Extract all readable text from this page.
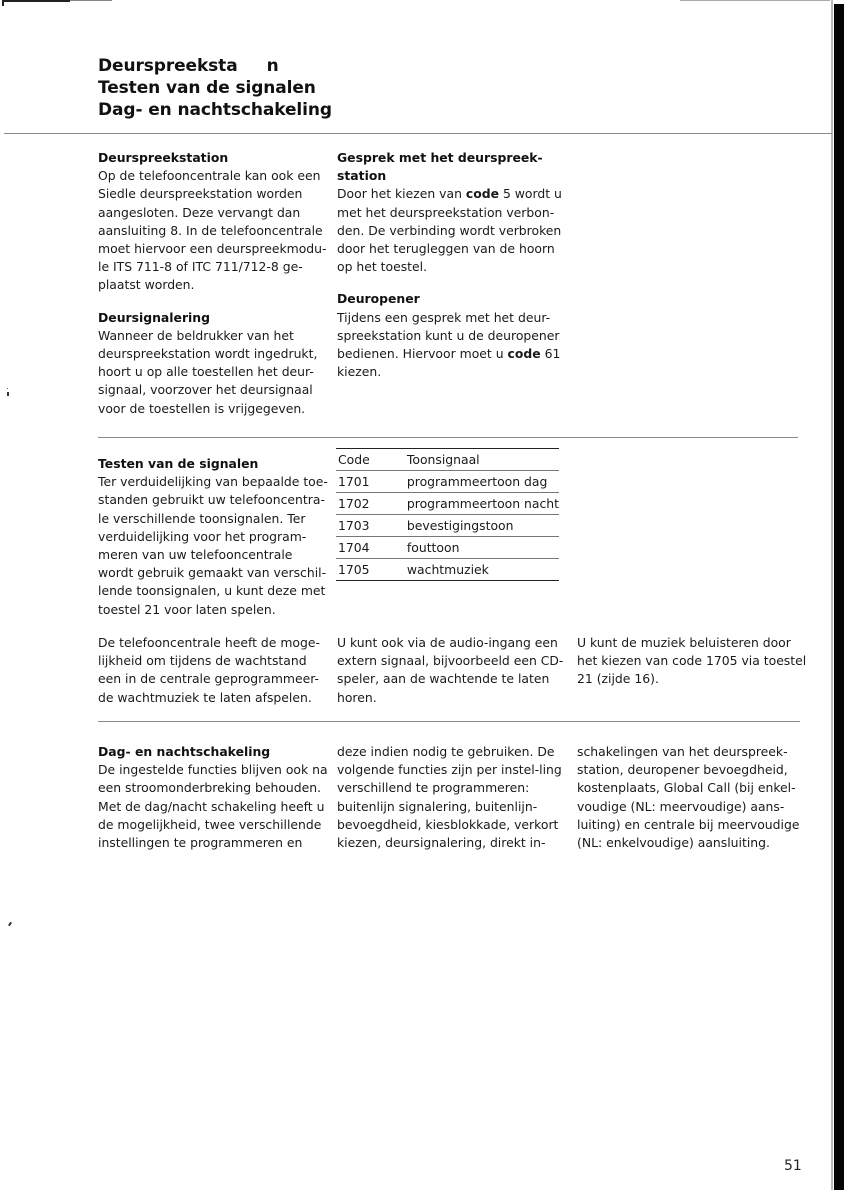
Deurspreeksta     n
Testen van de signalen
Dag- en nachtschakeling

Deurspreekstation

Op de telefooncentrale kan ook een Siedle deurspreekstation worden aangesloten. Deze vervangt dan aansluiting 8. In de telefooncentrale moet hiervoor een deurspreekmodu-le ITS 711-8 of ITC 711/712-8 ge-plaatst worden.

Deursignalering

Wanneer de beldrukker van het deurspreekstation wordt ingedrukt, hoort u op alle toestellen het deur-signaal, voorzover het deursignaal voor de toestellen is vrijgegeven.

Gesprek met het deurspreek-station

Door het kiezen van code 5 wordt u met het deurspreekstation verbon-den. De verbinding wordt verbroken door het terugleggen van de hoorn op het toestel.

Deuropener

Tijdens een gesprek met het deur-spreekstation kunt u de deuropener bedienen. Hiervoor moet u code 61 kiezen.

Testen van de signalen

Ter verduidelijking van bepaalde toe-standen gebruikt uw telefooncentra-le verschillende toonsignalen. Ter verduidelijking voor het program-meren van uw telefooncentrale wordt gebruik gemaakt van verschil-lende toonsignalen, u kunt deze met toestel 21 voor laten spelen.

Code	Toonsignaal
1701	programmeertoon dag
1702	programmeertoon nacht
1703	bevestigingstoon
1704	fouttoon
1705	wachtmuziek

De telefooncentrale heeft de moge-lijkheid om tijdens de wachtstand een in de centrale geprogrammeer-de wachtmuziek te laten afspelen.

U kunt ook via de audio-ingang een extern signaal, bijvoorbeeld een CD-speler, aan de wachtende te laten horen.

U kunt de muziek beluisteren door het kiezen van code 1705 via toestel 21 (zijde 16).

Dag- en nachtschakeling

De ingestelde functies blijven ook na een stroomonderbreking behouden. Met de dag/nacht schakeling heeft u de mogelijkheid, twee verschillende instellingen te programmeren en

deze indien nodig te gebruiken. De volgende functies zijn per instel-ling verschillend te programmeren: buitenlijn signalering, buitenlijn-bevoegdheid, kiesblokkade, verkort kiezen, deursignalering, direkt in-

schakelingen van het deurspreek-station, deuropener bevoegdheid, kostenplaats, Global Call (bij enkel-voudige (NL: meervoudige) aans-luiting) en centrale bij meervoudige (NL: enkelvoudige) aansluiting.

51
